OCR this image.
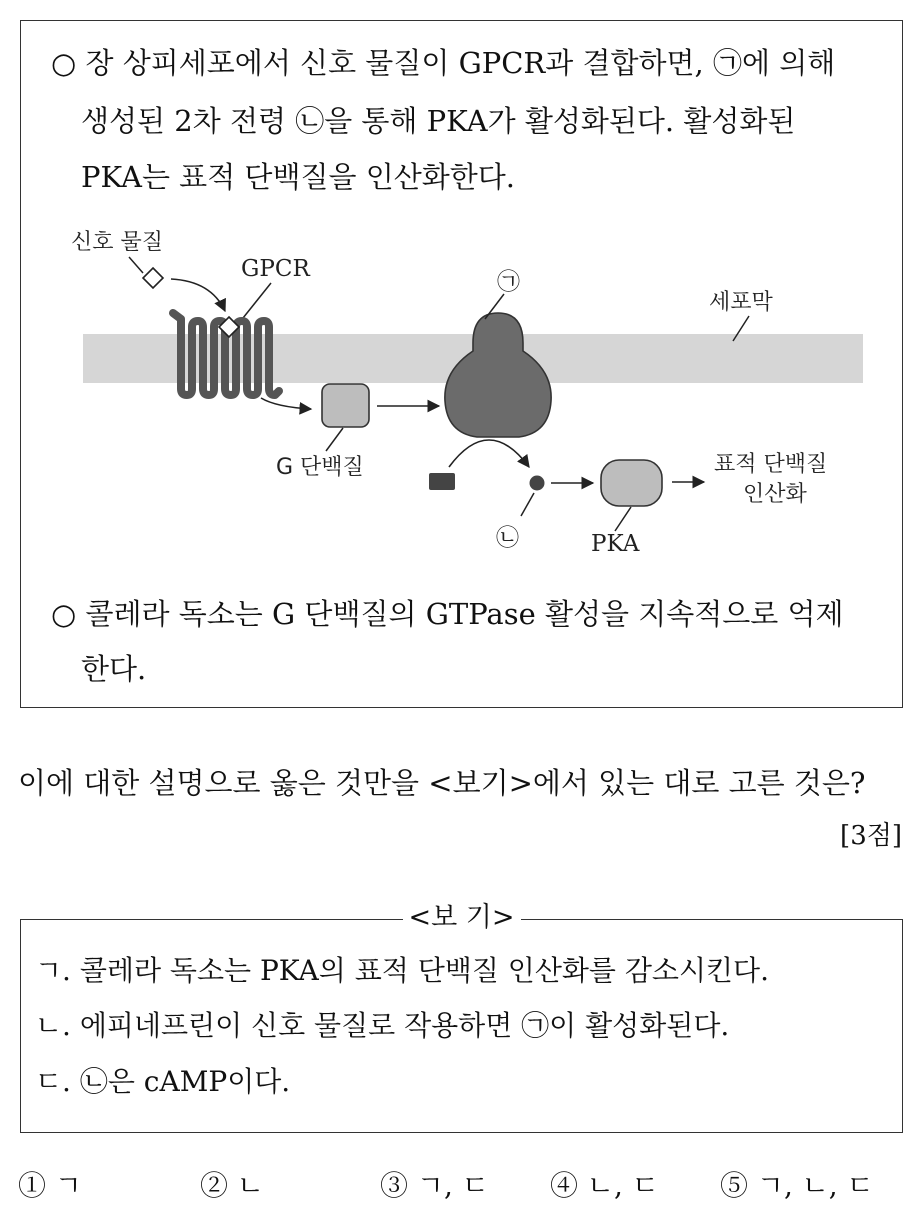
○ 장 상피세포에서 신호 물질이 GPCR과 결합하면, ㉠에 의해
생성된 2차 전령 ㉡을 통해 PKA가 활성화된다. 활성화된
PKA는 표적 단백질을 인산화한다.
신호 물질
GPCR
G 단백질
㉠
세포막
㉡	PKA
표적 단백질
인산화
○ 콜레라 독소는 G 단백질의 GTPase 활성을 지속적으로 억제
한다.
이에 대한 설명으로 옳은 것만을 <보기>에서 있는 대로 고른 것은?
[3점]
<보 기>
ㄱ. 콜레라 독소는 PKA의 표적 단백질 인산화를 감소시킨다.
ㄴ. 에피네프린이 신호 물질로 작용하면 ㉠이 활성화된다.
ㄷ. ㉡은 cAMP이다.
① ㄱ	② ㄴ	③ ㄱ, ㄷ ④ ㄴ, ㄷ ⑤ ㄱ, ㄴ, ㄷ
